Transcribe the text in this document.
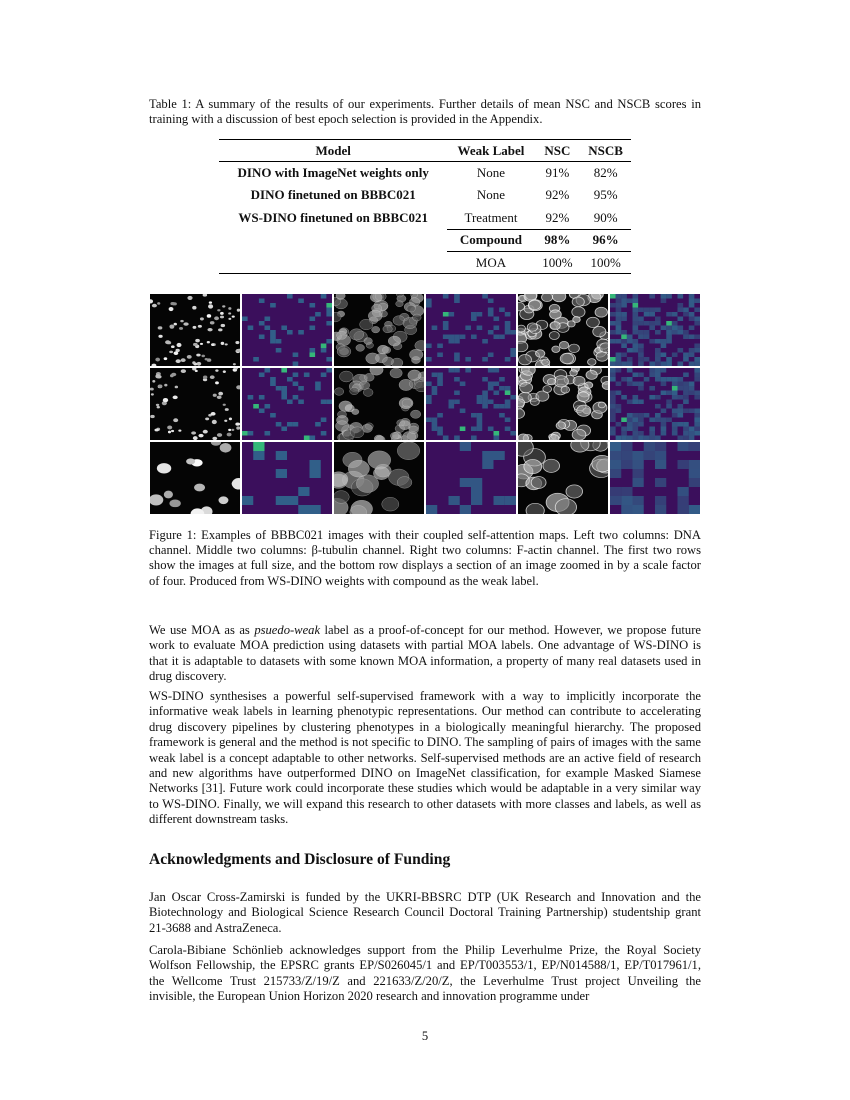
Table 1: A summary of the results of our experiments. Further details of mean NSC and NSCB scores in training with a discussion of best epoch selection is provided in the Appendix.

Model	Weak Label	NSC	NSCB
DINO with ImageNet weights only	None	91%	82%
DINO finetuned on BBBC021	None	92%	95%
WS-DINO finetuned on BBBC021	Treatment	92%	90%
	Compound	98%	96%
	MOA	100%	100%

Figure 1: Examples of BBBC021 images with their coupled self-attention maps. Left two columns: DNA channel. Middle two columns: β-tubulin channel. Right two columns: F-actin channel. The first two rows show the images at full size, and the bottom row displays a section of an image zoomed in by a scale factor of four. Produced from WS-DINO weights with compound as the weak label.

We use MOA as as psuedo-weak label as a proof-of-concept for our method. However, we propose future work to evaluate MOA prediction using datasets with partial MOA labels. One advantage of WS-DINO is that it is adaptable to datasets with some known MOA information, a property of many real datasets used in drug discovery.

WS-DINO synthesises a powerful self-supervised framework with a way to implicitly incorporate the informative weak labels in learning phenotypic representations. Our method can contribute to accelerating drug discovery pipelines by clustering phenotypes in a biologically meaningful hierarchy. The proposed framework is general and the method is not specific to DINO. The sampling of pairs of images with the same weak label is a concept adaptable to other networks. Self-supervised methods are an active field of research and new algorithms have outperformed DINO on ImageNet classification, for example Masked Siamese Networks [31]. Future work could incorporate these studies which would be adaptable in a very similar way to WS-DINO. Finally, we will expand this research to other datasets with more classes and labels, as well as different downstream tasks.

Acknowledgments and Disclosure of Funding

Jan Oscar Cross-Zamirski is funded by the UKRI-BBSRC DTP (UK Research and Innovation and the Biotechnology and Biological Science Research Council Doctoral Training Partnership) studentship grant 21-3688 and AstraZeneca.

Carola-Bibiane Schönlieb acknowledges support from the Philip Leverhulme Prize, the Royal Society Wolfson Fellowship, the EPSRC grants EP/S026045/1 and EP/T003553/1, EP/N014588/1, EP/T017961/1, the Wellcome Trust 215733/Z/19/Z and 221633/Z/20/Z, the Leverhulme Trust project Unveiling the invisible, the European Union Horizon 2020 research and innovation programme under

5
